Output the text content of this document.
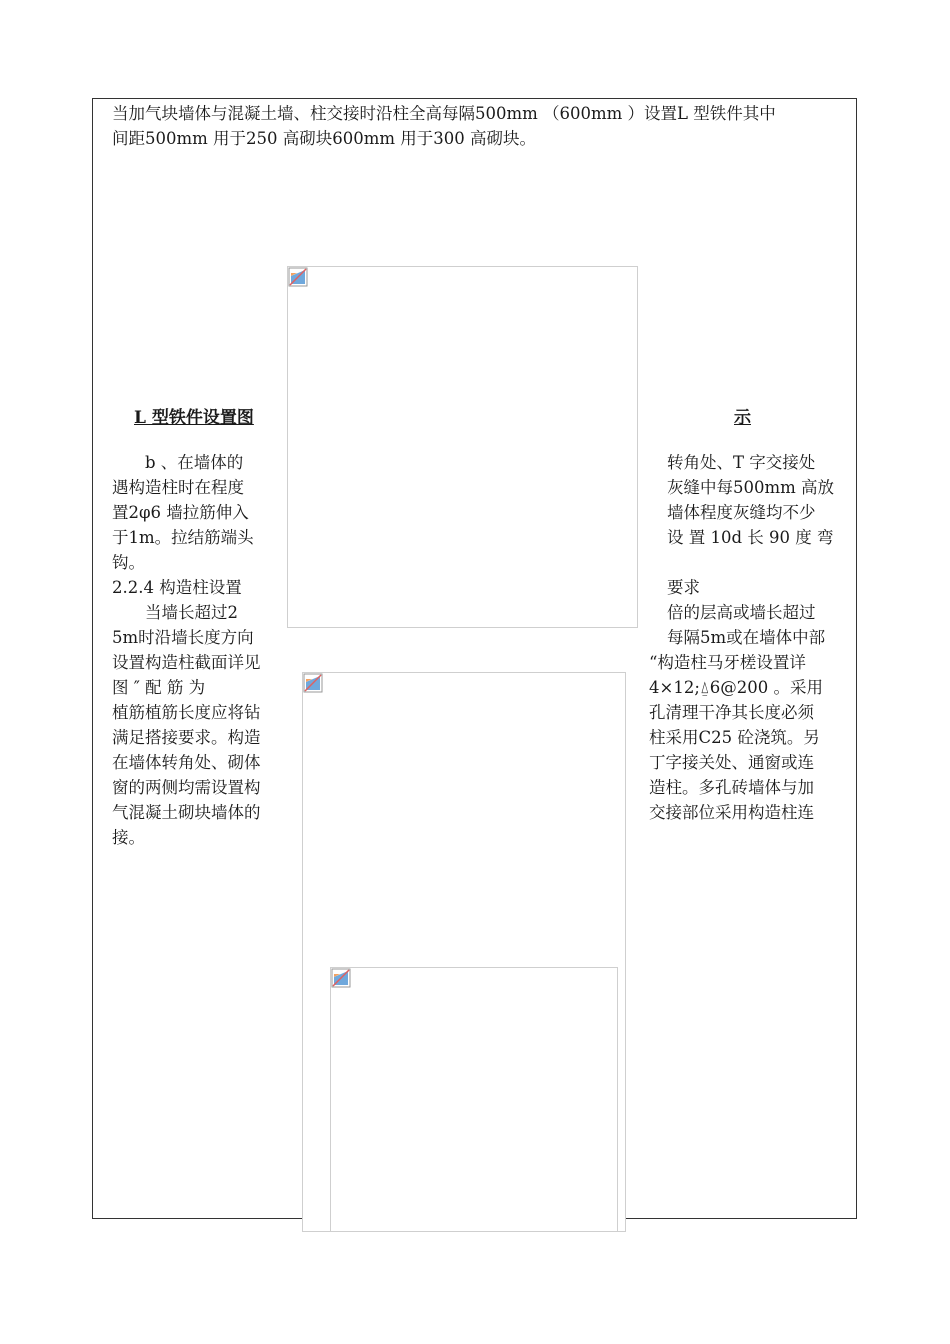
当加气块墙体与混凝土墙、柱交接时沿柱全高每隔500mm （600mm ）设置L 型铁件其中
间距500mm 用于250 高砌块600mm 用于300 高砌块。
L 型铁件设置图	示
　　b 、在墙体的
遇构造柱时在程度
置2φ6 墙拉筋伸入
于1m。拉结筋端头
钩。
2.2.4 构造柱设置
　　当墙长超过2
5m时沿墙长度方向
设置构造柱截面详见
图 ″ 配 筋 为
植筋植筋长度应将钻
满足搭接要求。构造
在墙体转角处、砌体
窗的两侧均需设置构
气混凝土砌块墙体的
接。
转角处、T 字交接处
灰缝中每500mm 高放
墙体程度灰缝均不少
设 置 10d 长 90 度 弯
要求
倍的层高或墙长超过
每隔5m或在墙体中部
“构造柱马牙槎设置详
4⨯12;⍙6@200 。采用
孔清理干净其长度必须
柱采用C25 砼浇筑。另
丁字接关处、通窗或连
造柱。多孔砖墙体与加
交接部位采用构造柱连
